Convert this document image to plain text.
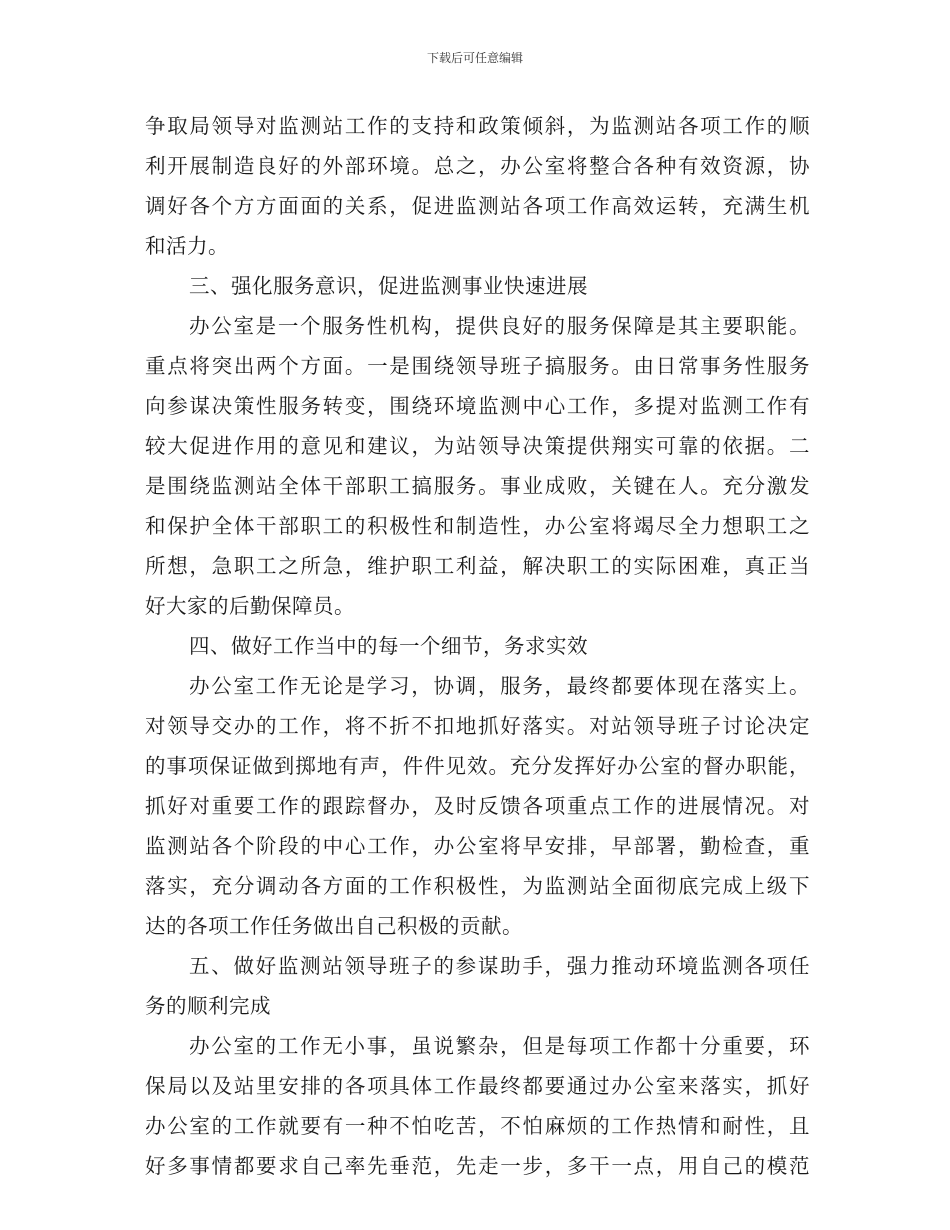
下载后可任意编辑
争取局领导对监测站工作的支持和政策倾斜，为监测站各项工作的顺
利开展制造良好的外部环境。总之，办公室将整合各种有效资源，协
调好各个方方面面的关系，促进监测站各项工作高效运转，充满生机
和活力。
三、强化服务意识，促进监测事业快速进展
办公室是一个服务性机构，提供良好的服务保障是其主要职能。
重点将突出两个方面。一是围绕领导班子搞服务。由日常事务性服务
向参谋决策性服务转变，围绕环境监测中心工作，多提对监测工作有
较大促进作用的意见和建议，为站领导决策提供翔实可靠的依据。二
是围绕监测站全体干部职工搞服务。事业成败，关键在人。充分激发
和保护全体干部职工的积极性和制造性，办公室将竭尽全力想职工之
所想，急职工之所急，维护职工利益，解决职工的实际困难，真正当
好大家的后勤保障员。
四、做好工作当中的每一个细节，务求实效
办公室工作无论是学习，协调，服务，最终都要体现在落实上。
对领导交办的工作，将不折不扣地抓好落实。对站领导班子讨论决定
的事项保证做到掷地有声，件件见效。充分发挥好办公室的督办职能，
抓好对重要工作的跟踪督办，及时反馈各项重点工作的进展情况。对
监测站各个阶段的中心工作，办公室将早安排，早部署，勤检查，重
落实，充分调动各方面的工作积极性，为监测站全面彻底完成上级下
达的各项工作任务做出自己积极的贡献。
五、做好监测站领导班子的参谋助手，强力推动环境监测各项任
务的顺利完成
办公室的工作无小事，虽说繁杂，但是每项工作都十分重要，环
保局以及站里安排的各项具体工作最终都要通过办公室来落实，抓好
办公室的工作就要有一种不怕吃苦，不怕麻烦的工作热情和耐性，且
好多事情都要求自己率先垂范，先走一步，多干一点，用自己的模范
